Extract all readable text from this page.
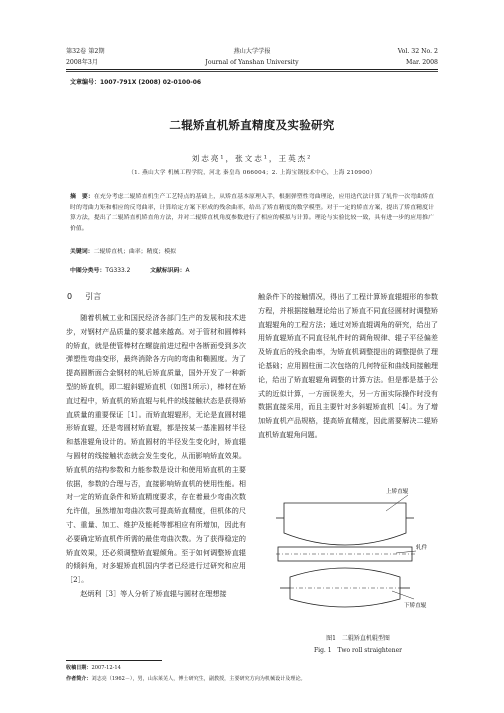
第32卷 第2期
2008年3月
燕山大学学报
Journal of Yanshan University
Vol. 32 No. 2
Mar. 2008
文章编号：1007-791X (2008) 02-0100-06
二辊矫直机矫直精度及实验研究
刘志亮¹，张文志¹，王英杰²
（1. 燕山大学 机械工程学院，河北 秦皇岛 066004；2. 上海宝钢技术中心，上海 210900）
摘　要：在充分考虑二辊矫直机生产工艺特点的基础上，从矫直基本原理入手，根据弹塑性弯曲理论，应用迭代法计算了轧件一次弯曲矫直时的弯曲力矩和相应的反弯曲率，计算给定方案下形成的残余曲率，给出了矫直精度的数学模型。对于一定的矫直方案，提出了矫直精度计算方法，提出了二辊矫直机矫直角方法，并对二辊矫直机角度参数进行了相应的模拟与计算。理论与实验比较一致，具有进一步的应用推广价值。
关键词：二辊矫直机；曲率；精度；模拟
中图分类号：TG333.2	文献标识码：A
0 引言

随着机械工业和国民经济各部门生产的发展和技术进步，对钢材产品质量的要求越来越高。对于管材和圆棒料的矫直，就是使管棒材在螺旋前进过程中各断面受到多次弹塑性弯曲变形，最终消除各方向的弯曲和椭圆度。为了提高圆断面合金钢材的轧后矫直质量，国外开发了一种新型的矫直机，即二辊斜辊矫直机（如图1所示），棒材在矫直过程中，矫直机的矫直辊与轧件的线接触状态是获得矫直质量的重要保证［1］。而矫直辊辊形，无论是直圆材辊形矫直辊，还是弯圆材矫直辊，都是按某一基准圆材半径和基准辊角设计的。矫直圆材的半径发生变化时，矫直辊与圆材的线接触状态就会发生变化，从而影响矫直效果。矫直机的结构参数和力能参数是设计和使用矫直机的主要依据，参数的合理与否，直接影响矫直机的使用性能。相对一定的矫直条件和矫直精度要求，存在着最少弯曲次数允许值，虽然增加弯曲次数可提高矫直精度，但机体的尺寸、重量、加工、维护及能耗等都相应有所增加，因此有必要确定矫直机件所需的最佳弯曲次数。为了获得稳定的矫直效果，还必须调整矫直辊倾角。至于如何调整矫直辊的倾斜角，对多辊矫直机国内学者已经进行过研究和应用［2］。

赵炳利［3］等人分析了矫直辊与圆材在理想接

触条件下的接触情况，得出了工程计算矫直辊辊形的参数方程，并根据接触理论给出了矫直不同直径圆材时调整矫直辊辊角的工程方法；通过对矫直辊调角的研究，给出了用矫直辊矫直不同直径轧件时的调角规律、辊子平径偏差及矫直后的残余曲率，为矫直机调整提出的调整提供了理论基础；应用圆柱面二次包络的几何特征和曲线间接触理论，给出了矫直辊辊角调整的计算方法。但是都是基于公式的近似计算，一方面误差大，另一方面实际操作时没有数据直接采用，而且主要针对多斜辊矫直机［4］。为了增加矫直机产品规格，提高矫直精度，因此需要解决二辊矫直机矫直辊角问题。

上矫直辊
轧件
下矫直辊
图1　二辊矫直机辊型图
Fig. 1　Two roll straightener
收稿日期：2007-12-14
作者简介：刘志亮（1962－），男，山东莱芜人，博士研究生，副教授，主要研究方向为机械设计及理论。
